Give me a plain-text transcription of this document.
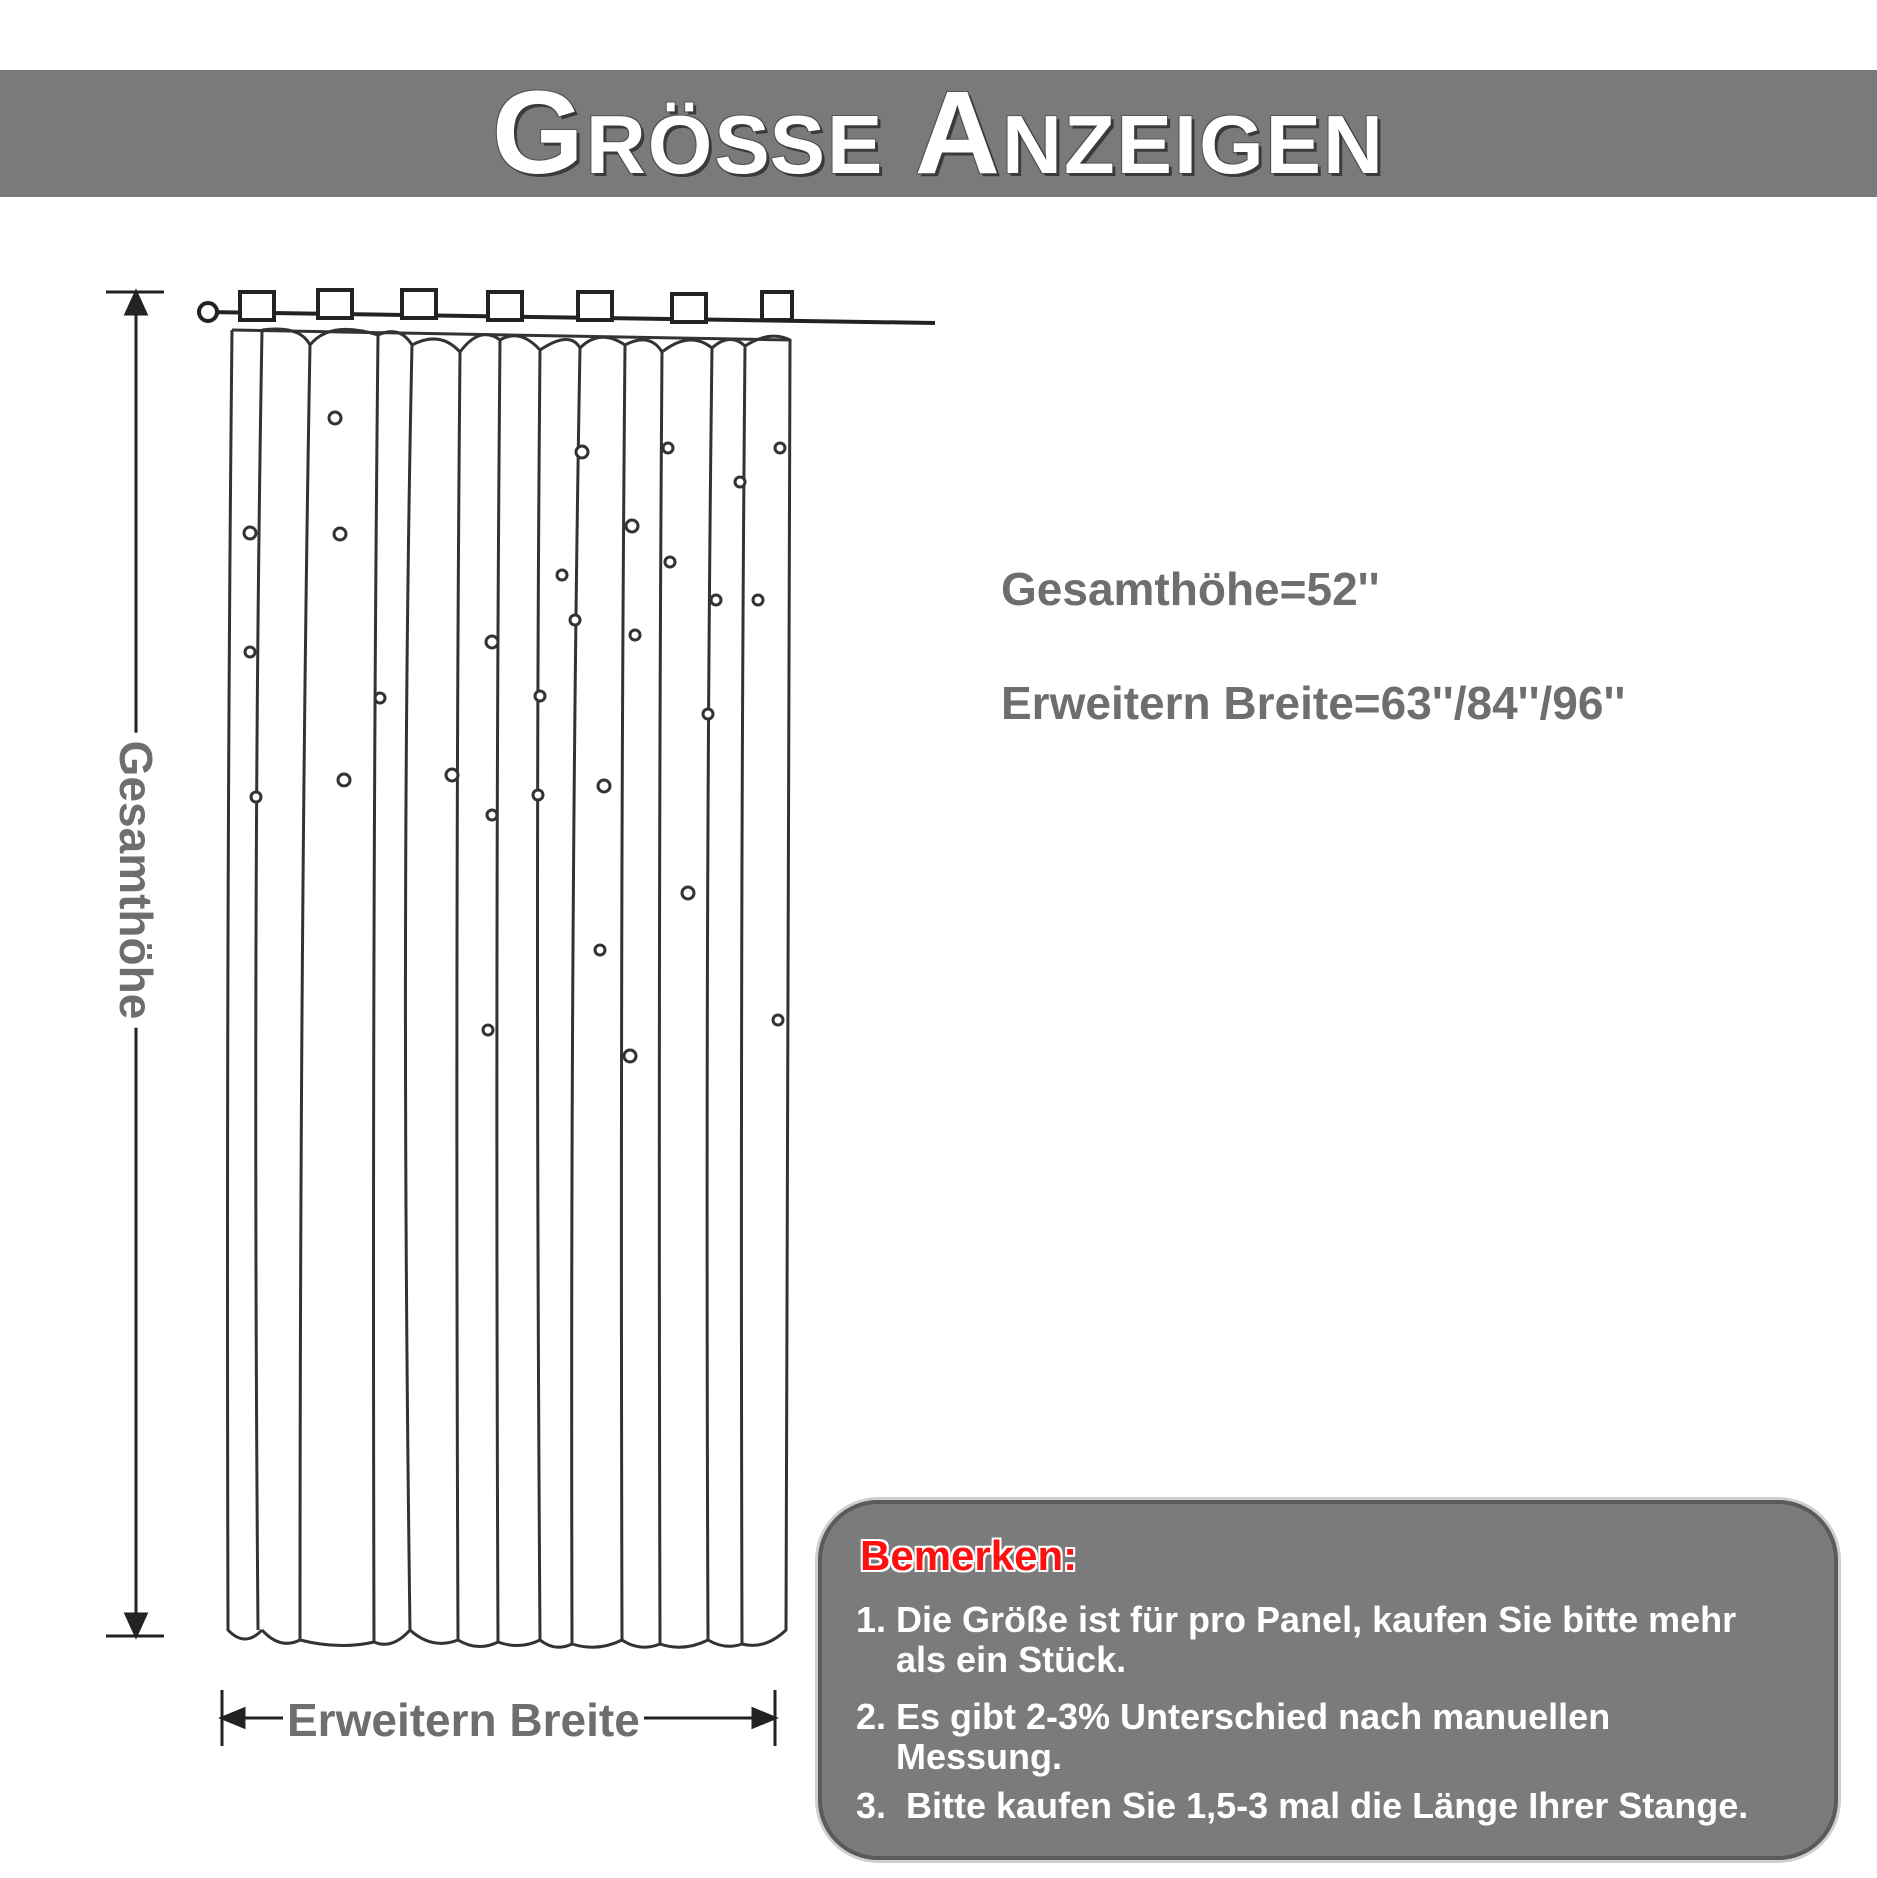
Größe Anzeigen
Gesamthöhe=52''
Erweitern Breite=63''/84''/96''
Gesamthöhe
Erweitern Breite
Bemerken:
1. Die Größe ist für pro Panel, kaufen Sie bitte mehr
als ein Stück.
2. Es gibt 2-3% Unterschied nach manuellen
Messung.
3. Bitte kaufen Sie 1,5-3 mal die Länge Ihrer Stange.
